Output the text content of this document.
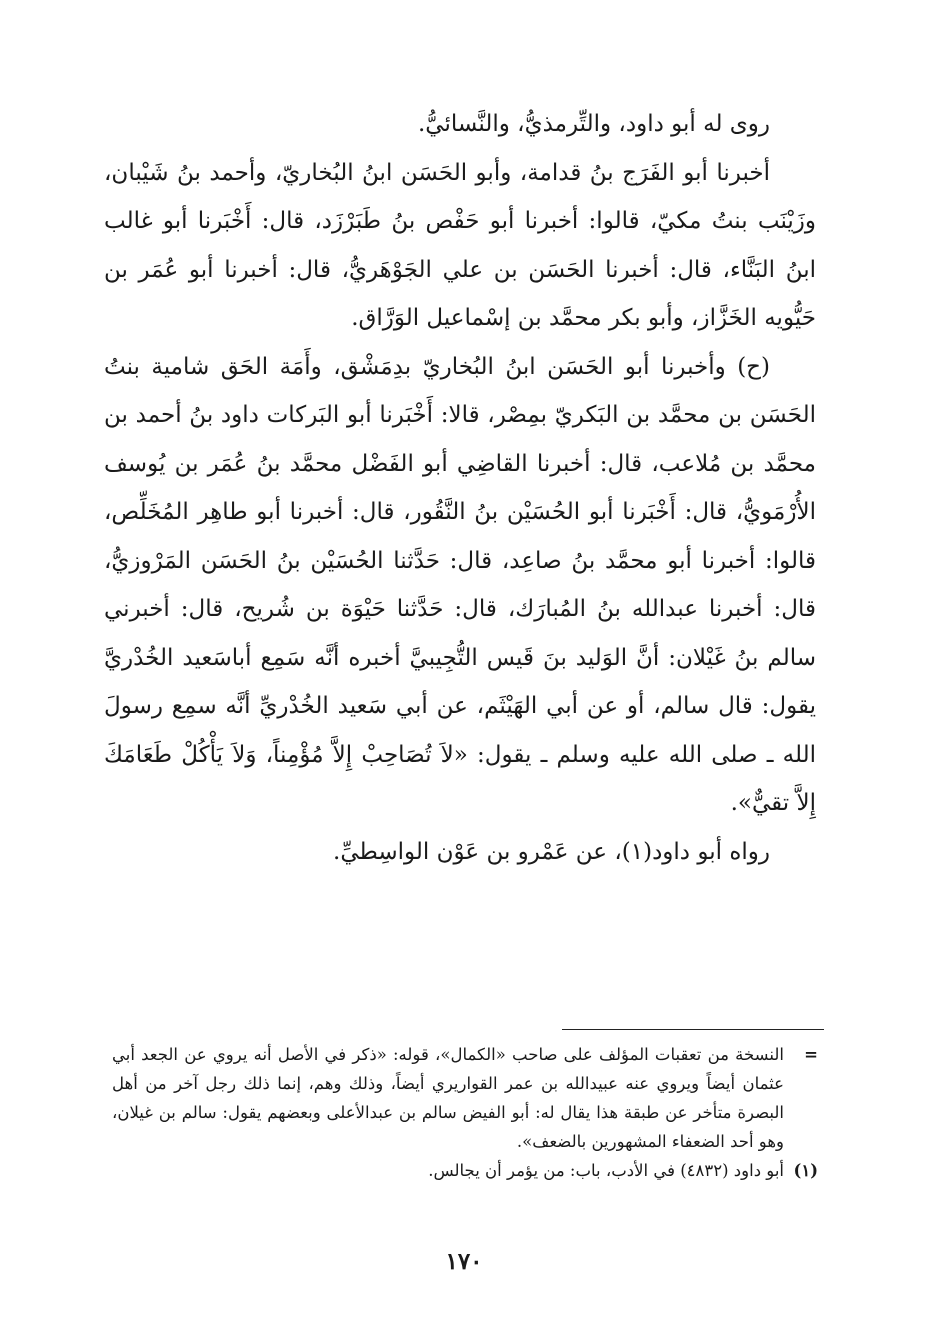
روى له أبو داود، والتِّرمذيُّ، والنَّسائيُّ.

أخبرنا أبو الفَرَج بنُ قدامة، وأبو الحَسَن ابنُ البُخاريّ، وأحمد بنُ شَيْبان، وزَيْنَب بنتُ مكيّ، قالوا: أخبرنا أبو حَفْص بنُ طَبَرْزَد، قال: أَخْبَرنا أبو غالب ابنُ البَنَّاء، قال: أخبرنا الحَسَن بن علي الجَوْهَريُّ، قال: أخبرنا أبو عُمَر بن حَيُّويه الخَزَّاز، وأبو بكر محمَّد بن إسْماعيل الوَرَّاق.

(ح) وأخبرنا أبو الحَسَن ابنُ البُخاريّ بدِمَشْق، وأَمَة الحَق شامية بنتُ الحَسَن بن محمَّد بن البَكريّ بمِصْر، قالا: أَخْبَرنا أبو البَركات داود بنُ أحمد بن محمَّد بن مُلاعب، قال: أخبرنا القاضِي أبو الفَضْل محمَّد بنُ عُمَر بن يُوسف الأُرْمَويُّ، قال: أَخْبَرنا أبو الحُسَيْن بنُ النَّقُور، قال: أخبرنا أبو طاهِر المُخَلِّص، قالوا: أخبرنا أبو محمَّد بنُ صاعِد، قال: حَدَّثنا الحُسَيْن بنُ الحَسَن المَرْوزيُّ، قال: أخبرنا عبدالله بنُ المُبارَك، قال: حَدَّثنا حَيْوَة بن شُريح، قال: أخبرني سالم بنُ غَيْلان: أنَّ الوَليد بنَ قَيس التُّجِيبيَّ أخبره أنَّه سَمِع أباسَعيد الخُدْريَّ يقول: قال سالم، أو عن أبي الهَيْثَم، عن أبي سَعيد الخُدْريِّ أنَّه سمِع رسولَ الله ـ صلى الله عليه وسلم ـ يقول: «لاَ تُصَاحِبْ إِلاَّ مُؤْمِناً، وَلاَ يَأْكُلْ طَعَامَكَ إِلاَّ تقيٌّ».

رواه أبو داود(١)، عن عَمْرو بن عَوْن الواسِطيِّ.

=
النسخة من تعقبات المؤلف على صاحب «الكمال»، قوله: «ذكر في الأصل أنه يروي عن الجعد أبي عثمان أيضاً ويروي عنه عبيدالله بن عمر القواريري أيضاً، وذلك وهم، إنما ذلك رجل آخر من أهل البصرة متأخر عن طبقة هذا يقال له: أبو الفيض سالم بن عبدالأعلى وبعضهم يقول: سالم بن غيلان، وهو أحد الضعفاء المشهورين بالضعف».
(١)
أبو داود (٤٨٣٢) في الأدب، باب: من يؤمر أن يجالس.
١٧٠
